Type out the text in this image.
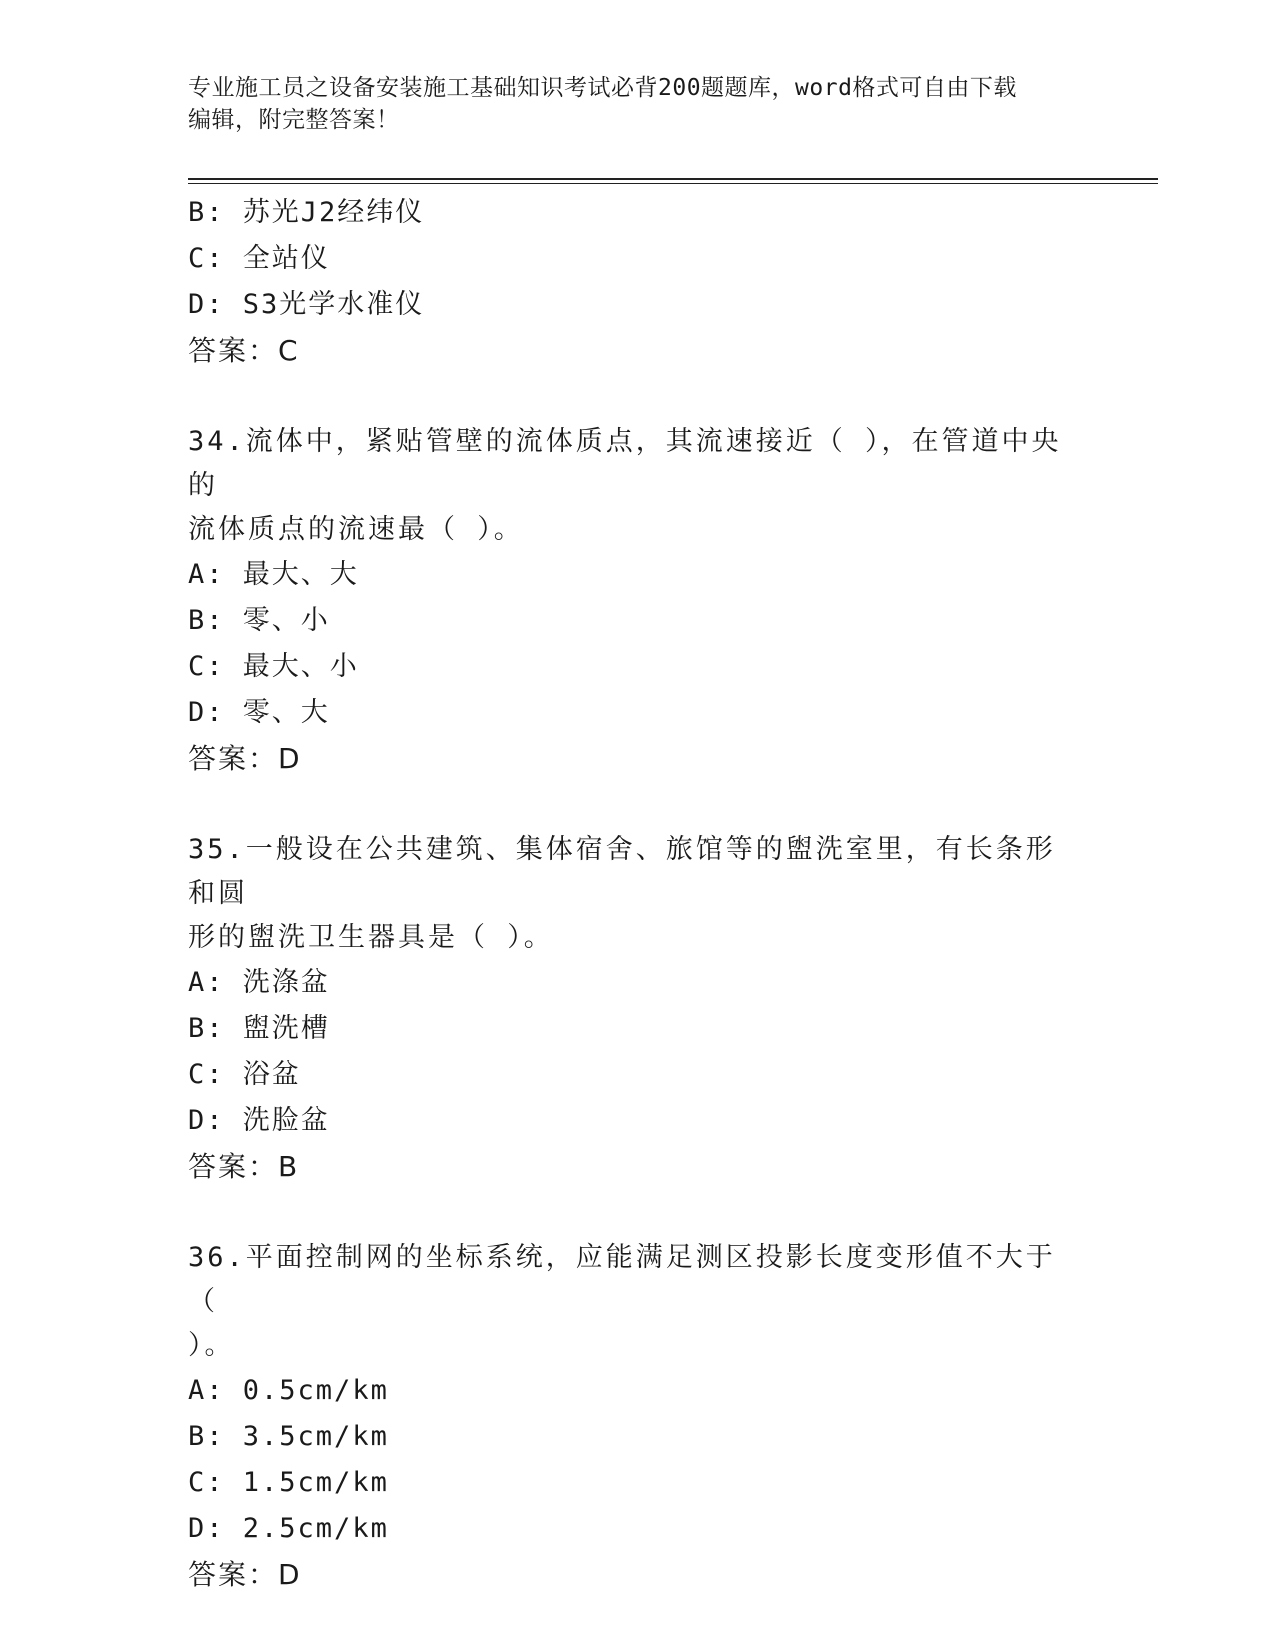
专业施工员之设备安装施工基础知识考试必背200题题库，word格式可自由下载
编辑，附完整答案！
B: 苏光J2经纬仪
C: 全站仪
D: S3光学水准仪
答案：C
34.流体中，紧贴管壁的流体质点，其流速接近（ ），在管道中央的
流体质点的流速最（ ）。
A: 最大、大
B: 零、小
C: 最大、小
D: 零、大
答案：D
35.一般设在公共建筑、集体宿舍、旅馆等的盥洗室里，有长条形和圆
形的盥洗卫生器具是（ ）。
A: 洗涤盆
B: 盥洗槽
C: 浴盆
D: 洗脸盆
答案：B
36.平面控制网的坐标系统，应能满足测区投影长度变形值不大于（
）。
A: 0.5cm/km
B: 3.5cm/km
C: 1.5cm/km
D: 2.5cm/km
答案：D
